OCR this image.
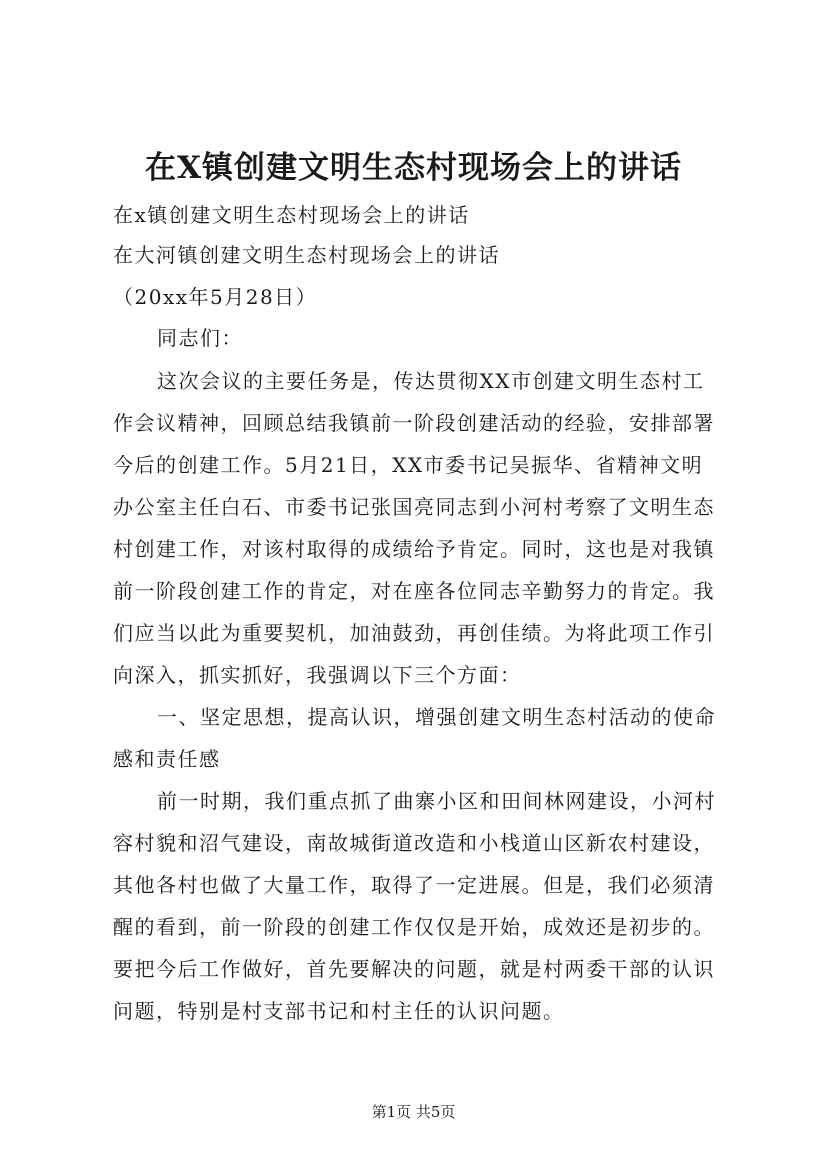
在X镇创建文明生态村现场会上的讲话
在x镇创建文明生态村现场会上的讲话
在大河镇创建文明生态村现场会上的讲话
（20xx年5月28日）
同志们：
这次会议的主要任务是，传达贯彻XX市创建文明生态村工
作会议精神，回顾总结我镇前一阶段创建活动的经验，安排部署
今后的创建工作。5月21日，XX市委书记吴振华、省精神文明
办公室主任白石、市委书记张国亮同志到小河村考察了文明生态
村创建工作，对该村取得的成绩给予肯定。同时，这也是对我镇
前一阶段创建工作的肯定，对在座各位同志辛勤努力的肯定。我
们应当以此为重要契机，加油鼓劲，再创佳绩。为将此项工作引
向深入，抓实抓好，我强调以下三个方面：
一、坚定思想，提高认识，增强创建文明生态村活动的使命
感和责任感
前一时期，我们重点抓了曲寨小区和田间林网建设，小河村
容村貌和沼气建设，南故城街道改造和小栈道山区新农村建设，
其他各村也做了大量工作，取得了一定进展。但是，我们必须清
醒的看到，前一阶段的创建工作仅仅是开始，成效还是初步的。
要把今后工作做好，首先要解决的问题，就是村两委干部的认识
问题，特别是村支部书记和村主任的认识问题。
第1页 共5页
